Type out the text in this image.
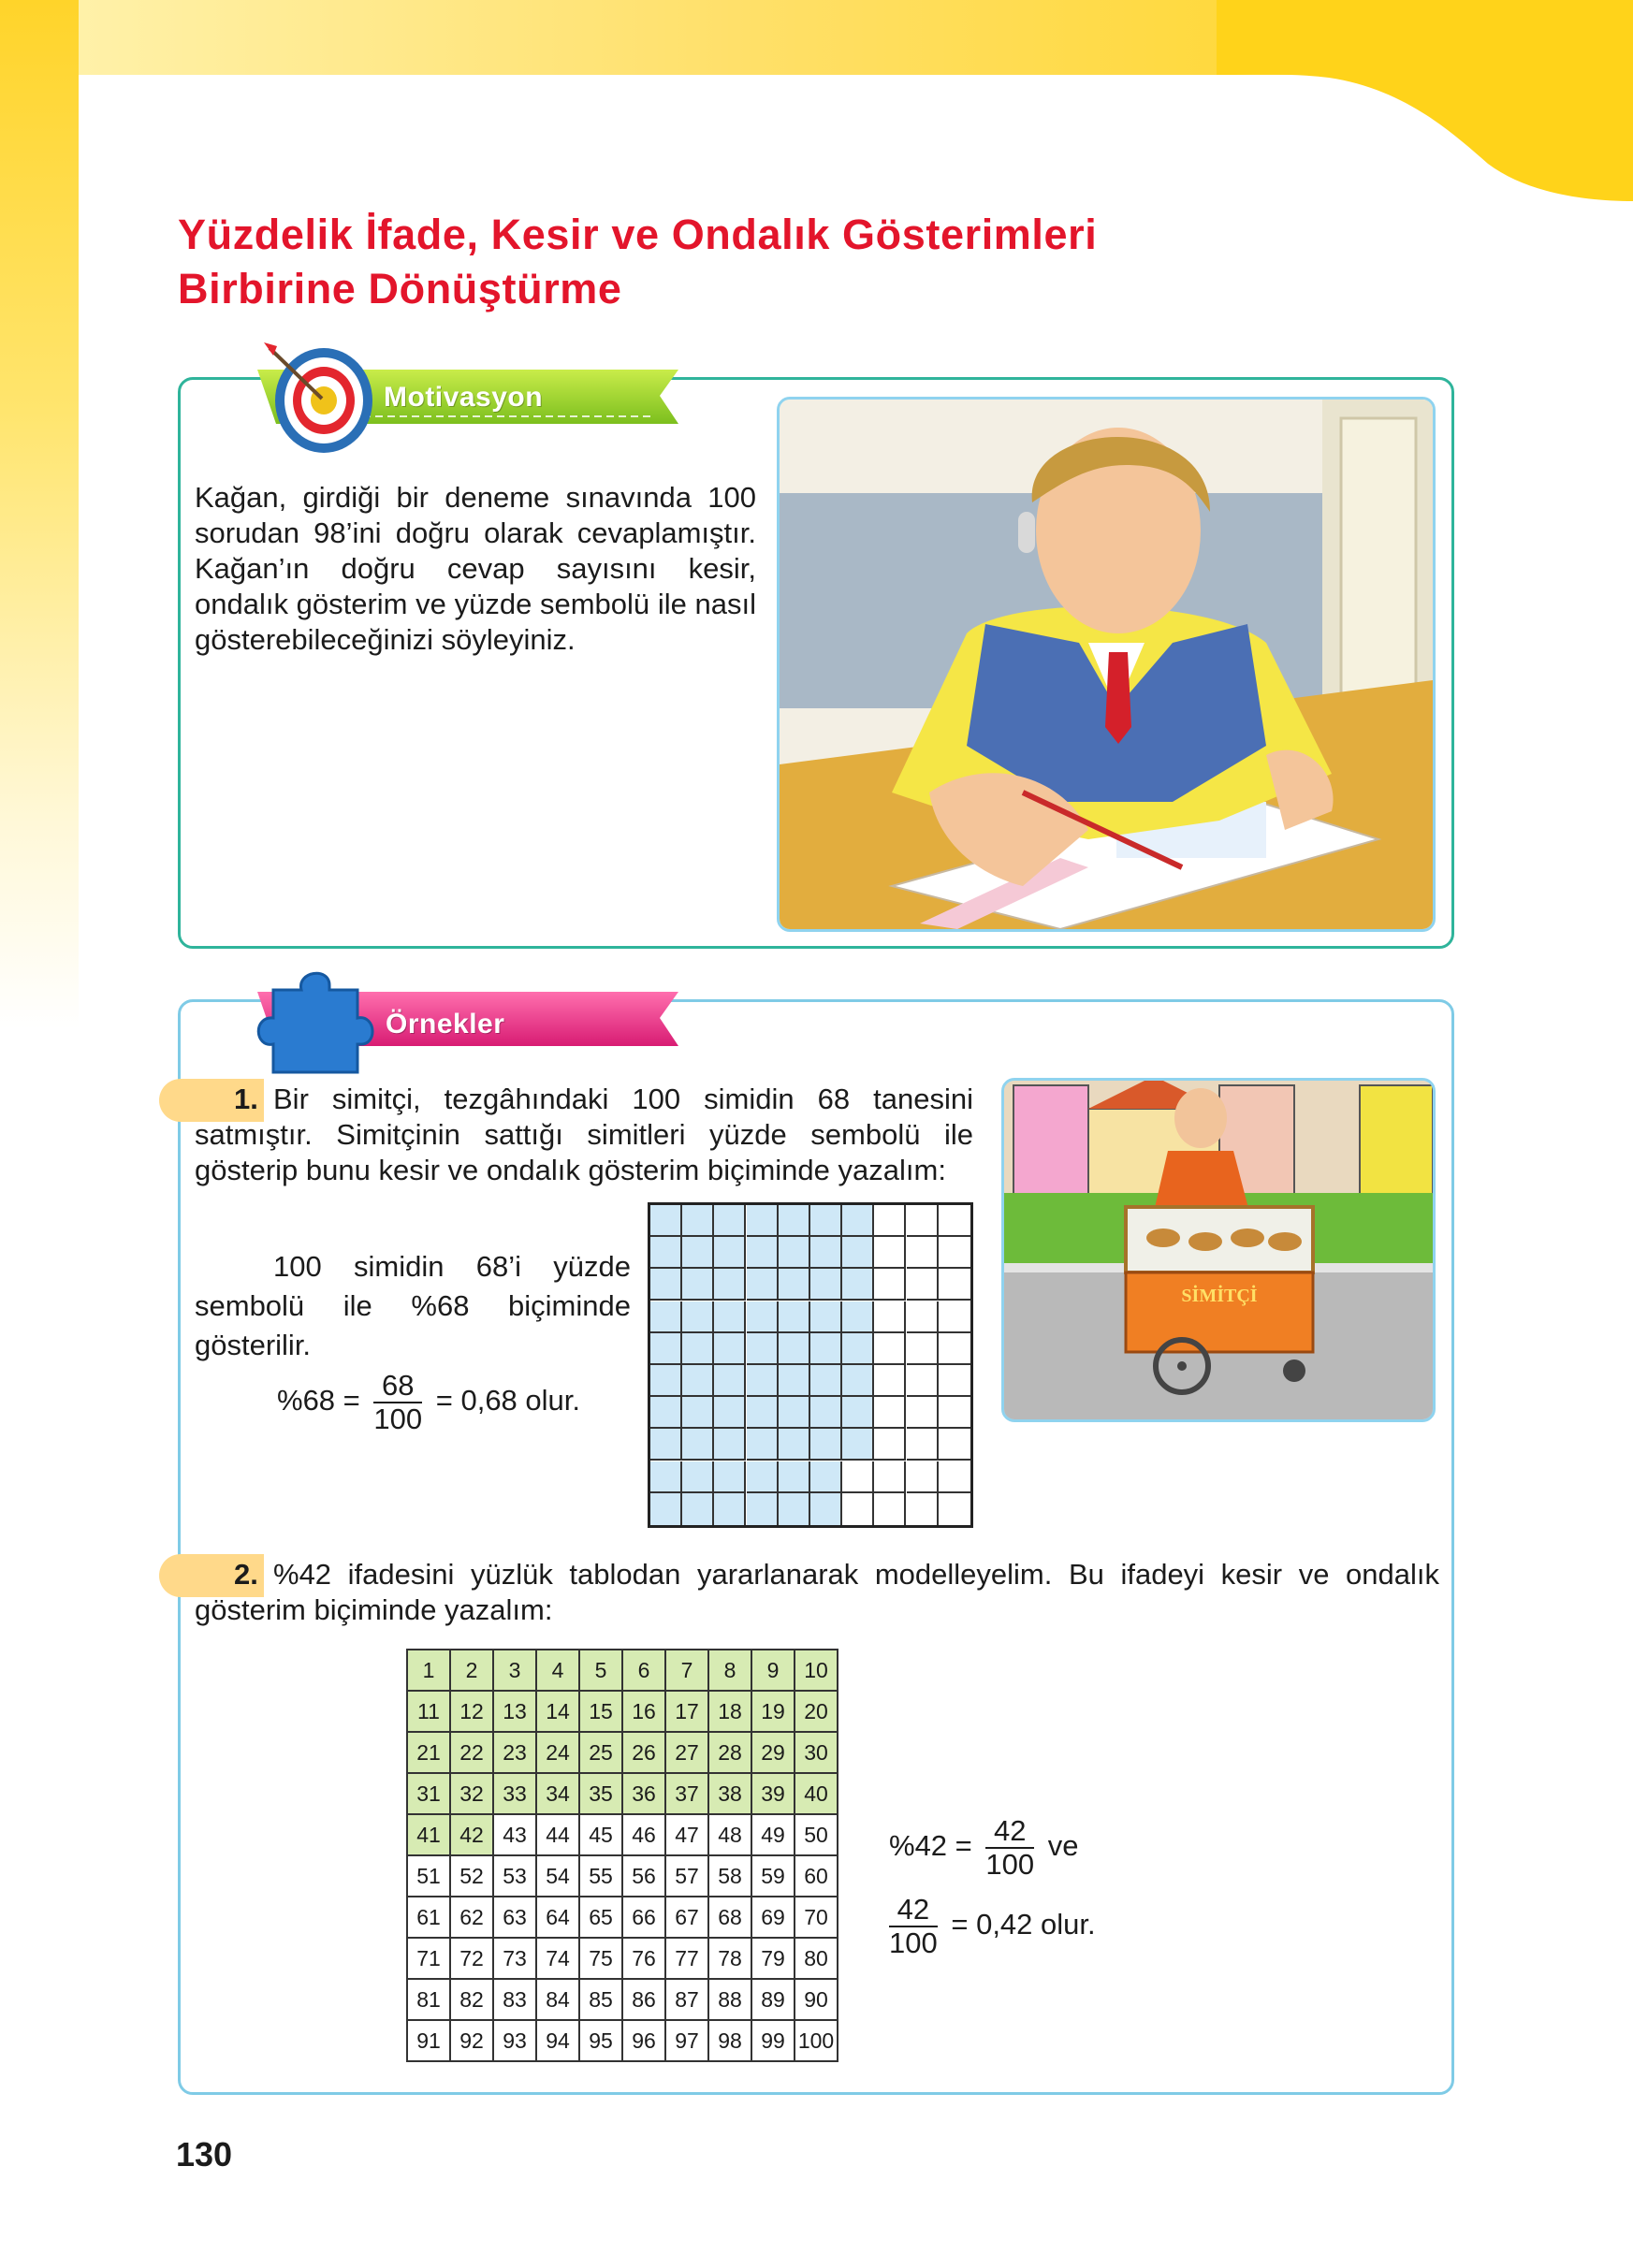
Yüzdelik İfade, Kesir ve Ondalık Gösterimleri
Birbirine Dönüştürme
Motivasyon
Kağan, girdiği bir deneme sınavında 100 sorudan 98’ini doğru olarak cevaplamıştır. Kağan’ın doğru cevap sayısını kesir, ondalık gösterim ve yüzde sembolü ile nasıl gösterebileceğinizi söyleyiniz.
Örnekler
1. Bir simitçi, tezgâhındaki 100 simidin 68 tanesini satmıştır. Simitçinin sattığı simitleri yüzde sembolü ile gösterip bunu kesir ve ondalık gösterim biçiminde yazalım:
100 simidin 68’i yüzde sembolü ile %68 biçiminde gösterilir.
$\%68 = \frac{68}{100} = 0,68$ olur.
SİMİTÇİ
2. %42 ifadesini yüzlük tablodan yararlanarak modelleyelim. Bu ifadeyi kesir ve ondalık gösterim biçiminde yazalım:
1	2	3	4	5	6	7	8	9	10
11	12	13	14	15	16	17	18	19	20
21	22	23	24	25	26	27	28	29	30
31	32	33	34	35	36	37	38	39	40
41	42	43	44	45	46	47	48	49	50
51	52	53	54	55	56	57	58	59	60
61	62	63	64	65	66	67	68	69	70
71	72	73	74	75	76	77	78	79	80
81	82	83	84	85	86	87	88	89	90
91	92	93	94	95	96	97	98	99	100
$\%42 = \frac{42}{100}$ ve
$\frac{42}{100} = 0,42$ olur.
130
